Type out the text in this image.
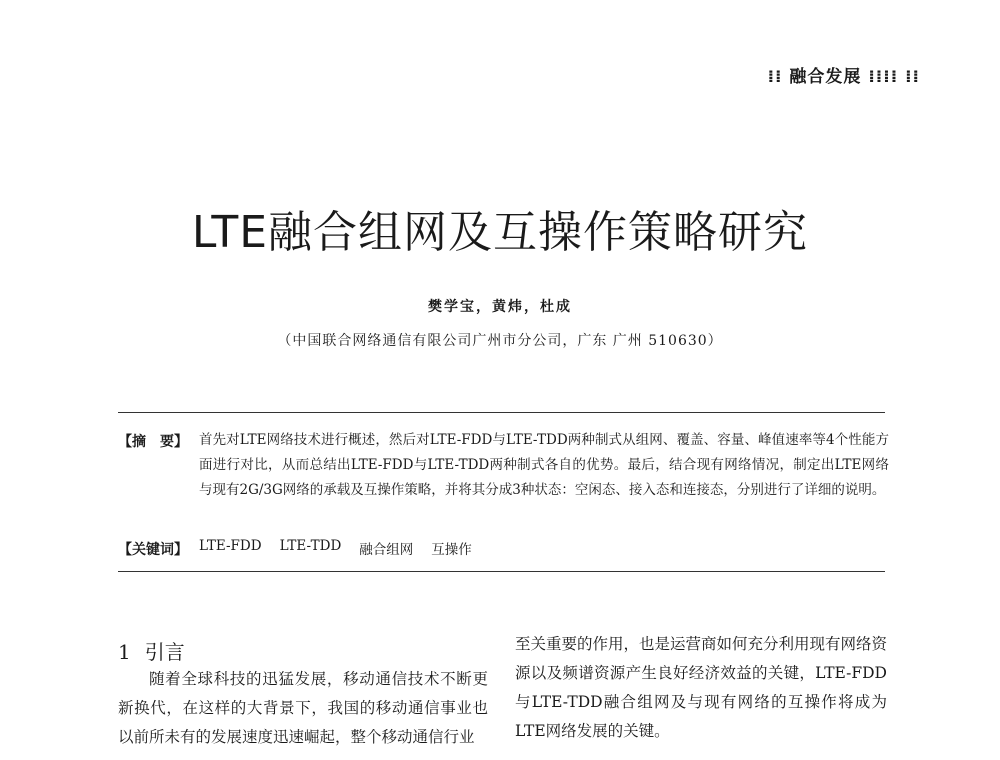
⁞⁞ 融合发展 ⁞⁞⁞⁞ ⁞⁞
LTE融合组网及互操作策略研究
樊学宝，黄炜，杜成
（中国联合网络通信有限公司广州市分公司，广东 广州 510630）
【摘　要】 首先对LTE网络技术进行概述，然后对LTE-FDD与LTE-TDD两种制式从组网、覆盖、容量、峰值速率等4个性能方面进行对比，从而总结出LTE-FDD与LTE-TDD两种制式各自的优势。最后，结合现有网络情况，制定出LTE网络与现有2G/3G网络的承载及互操作策略，并将其分成3种状态：空闲态、接入态和连接态，分别进行了详细的说明。
【关键词】 LTE-FDD LTE-TDD 融合组网 互操作
1 引言
随着全球科技的迅猛发展，移动通信技术不断更新换代，在这样的大背景下，我国的移动通信事业也以前所未有的发展速度迅速崛起，整个移动通信行业
至关重要的作用，也是运营商如何充分利用现有网络资源以及频谱资源产生良好经济效益的关键，LTE-FDD与LTE-TDD融合组网及与现有网络的互操作将成为LTE网络发展的关键。
